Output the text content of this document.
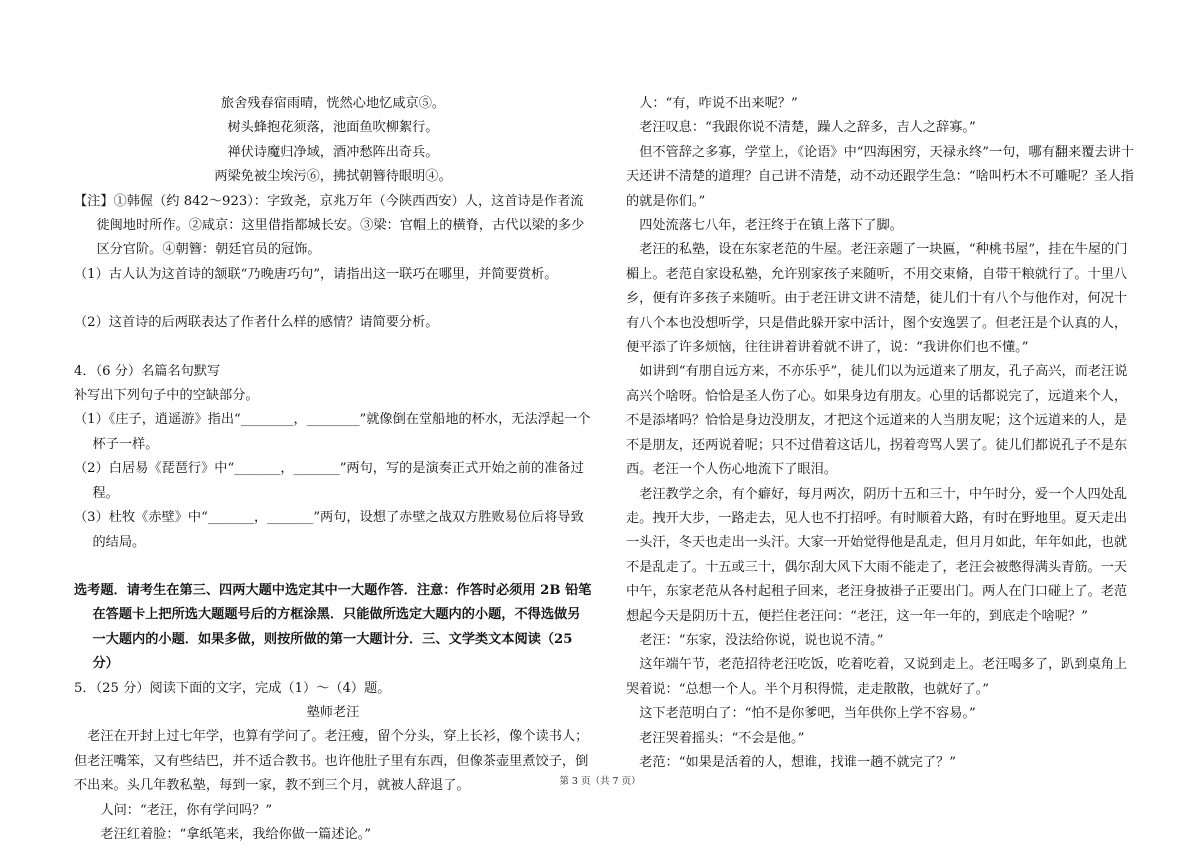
旅舍残春宿雨晴，恍然心地忆咸京⑤。

树头蜂抱花须落，池面鱼吹柳絮行。

禅伏诗魔归净域，酒冲愁阵出奇兵。

两梁免被尘埃污⑥，拂拭朝簪待眼明④。

【注】①韩偓（约 842～923）：字致尧，京兆万年（今陕西西安）人，这首诗是作者流徙闽地时所作。②咸京：这里借指都城长安。③梁：官帽上的横脊，古代以梁的多少区分官阶。④朝簪：朝廷官员的冠饰。

（1）古人认为这首诗的颔联“乃晚唐巧句”，请指出这一联巧在哪里，并简要赏析。

（2）这首诗的后两联表达了作者什么样的感情？请简要分析。

4．（6 分）名篇名句默写

补写出下列句子中的空缺部分。

（1）《庄子，逍遥游》指出“________，________”就像倒在堂船地的杯水，无法浮起一个杯子一样。

（2）白居易《琵琶行》中“_______，_______”两句，写的是演奏正式开始之前的准备过程。

（3）杜牧《赤壁》中“_______，_______”两句，设想了赤壁之战双方胜败易位后将导致的结局。

选考题．请考生在第三、四两大题中选定其中一大题作答．注意：作答时必须用 2B 铅笔在答题卡上把所选大题题号后的方框涂黑．只能做所选定大题内的小题，不得选做另一大题内的小题．如果多做，则按所做的第一大题计分．三、文学类文本阅读（25 分）

5．（25 分）阅读下面的文字，完成（1）～（4）题。

塾师老汪

老汪在开封上过七年学，也算有学问了。老汪瘦，留个分头，穿上长衫，像个读书人；但老汪嘴笨，又有些结巴，并不适合教书。也许他肚子里有东西，但像茶壶里煮饺子，倒不出来。头几年教私塾，每到一家，教不到三个月，就被人辞退了。

人问：“老汪，你有学问吗？”

老汪红着脸：“拿纸笔来，我给你做一篇述论。”

人：“有，咋说不出来呢？”

老汪叹息：“我跟你说不清楚，躁人之辞多，吉人之辞寡。”

但不管辞之多寡，学堂上，《论语》中“四海困穷，天禄永终”一句，哪有翻来覆去讲十天还讲不清楚的道理？自己讲不清楚，动不动还跟学生急：“啥叫朽木不可雕呢？圣人指的就是你们。”

四处流落七八年，老汪终于在镇上落下了脚。

老汪的私塾，设在东家老范的牛屋。老汪亲题了一块匾，“种桃书屋”，挂在牛屋的门楣上。老范自家设私塾，允许别家孩子来随听，不用交束脩，自带干粮就行了。十里八乡，便有许多孩子来随听。由于老汪讲文讲不清楚，徒儿们十有八个与他作对，何况十有八个本也没想听学，只是借此躲开家中活计，图个安逸罢了。但老汪是个认真的人，便平添了许多烦恼，往往讲着讲着就不讲了，说：“我讲你们也不懂。”

如讲到“有朋自远方来，不亦乐乎”，徒儿们以为远道来了朋友，孔子高兴，而老汪说高兴个啥呀。恰恰是圣人伤了心。如果身边有朋友。心里的话都说完了，远道来个人，不是添堵吗？恰恰是身边没朋友，才把这个远道来的人当朋友呢；这个远道来的人，是不是朋友，还两说着呢；只不过借着这话儿，拐着弯骂人罢了。徒儿们都说孔子不是东西。老汪一个人伤心地流下了眼泪。

老汪教学之余，有个癖好，每月两次，阴历十五和三十，中午时分，爱一个人四处乱走。拽开大步，一路走去，见人也不打招呼。有时顺着大路，有时在野地里。夏天走出一头汗，冬天也走出一头汗。大家一开始觉得他是乱走，但月月如此，年年如此，也就不是乱走了。十五或三十，偶尔刮大风下大雨不能走了，老汪会被憋得满头青筋。一天中午，东家老范从各村起租子回来，老汪身披褂子正要出门。两人在门口碰上了。老范想起今天是阴历十五，便拦住老汪问：“老汪，这一年一年的，到底走个啥呢？”

老汪：“东家，没法给你说，说也说不清。”

这年端午节，老范招待老汪吃饭，吃着吃着，又说到走上。老汪喝多了，趴到桌角上哭着说：“总想一个人。半个月积得慌，走走散散，也就好了。”

这下老范明白了：“怕不是你爹吧，当年供你上学不容易。”

老汪哭着摇头：“不会是他。”

老范：“如果是活着的人，想谁，找谁一趟不就完了？”

第 3 页（共 7 页）
